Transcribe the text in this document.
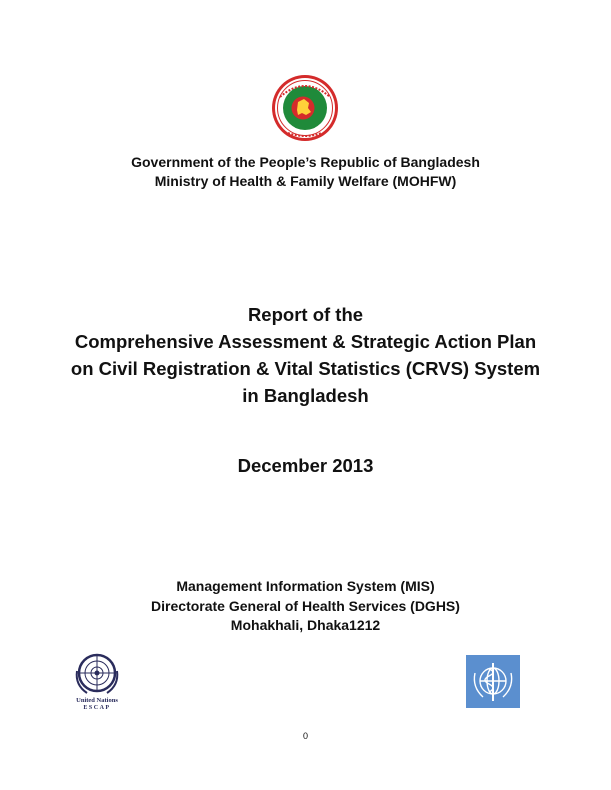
Government of the People’s Republic of Bangladesh
Ministry of Health & Family Welfare (MOHFW)
Report of the
Comprehensive Assessment & Strategic Action Plan
on Civil Registration & Vital Statistics (CRVS) System
in Bangladesh
December 2013
Management Information System (MIS)
Directorate General of Health Services (DGHS)
Mohakhali, Dhaka1212
United Nations
ESCAP
0
